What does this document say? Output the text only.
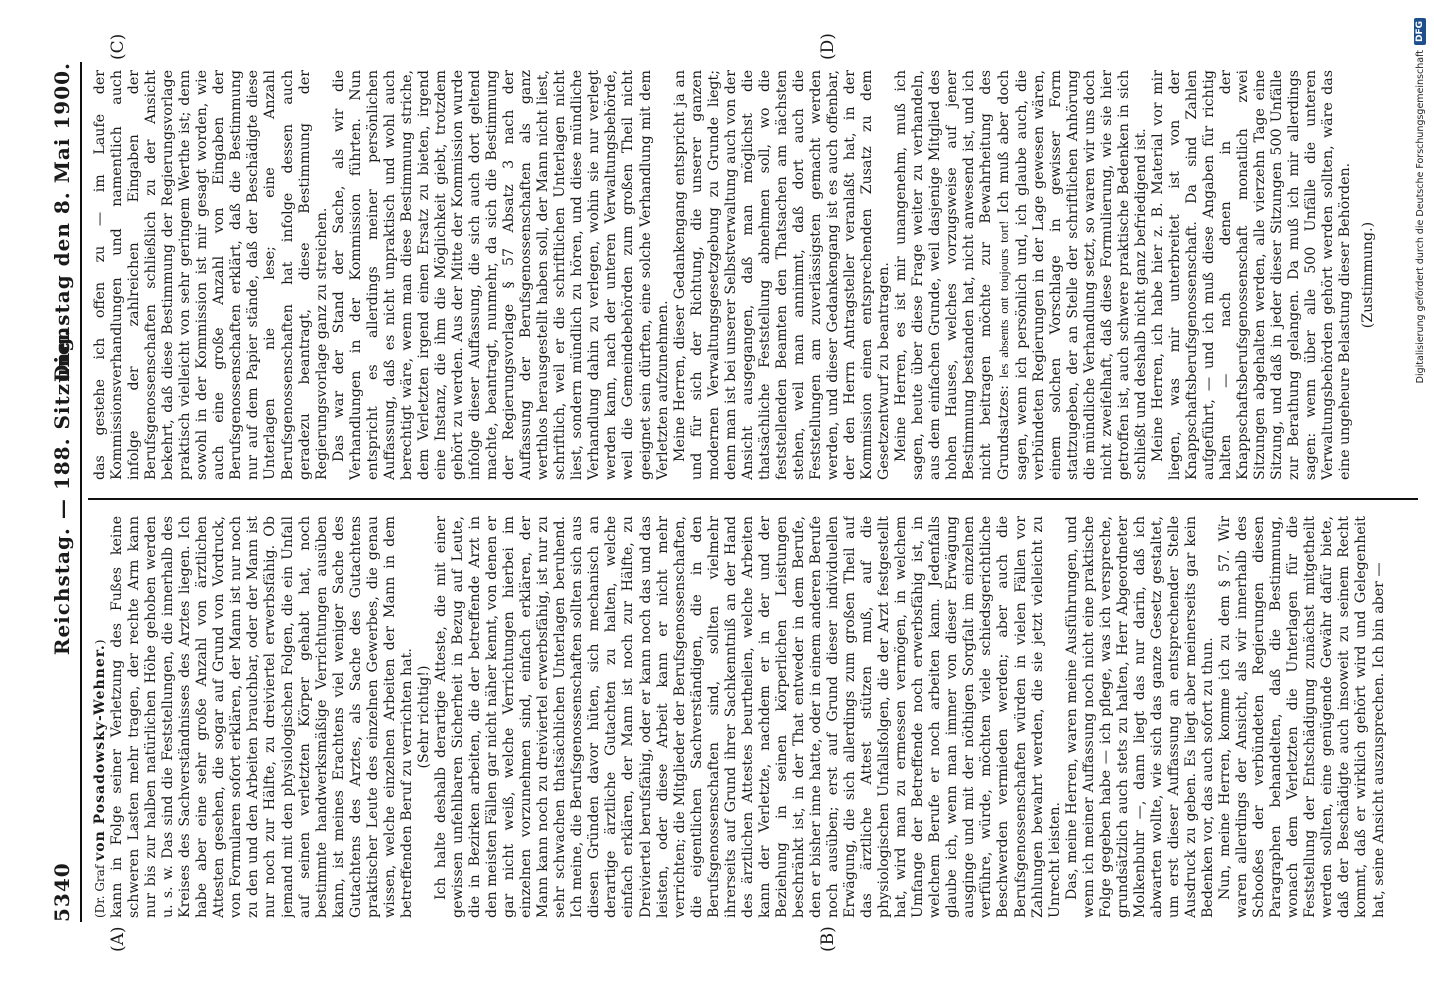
5340
Reichstag. — 188. Sitzung.
Dienstag den 8. Mai 1900.
(A)	(B)
(C)	(D)

(Dr. Graf von Posadowsky-Wehner.) kann in Folge seiner Verletzung des Fußes keine schweren Lasten mehr tragen, der rechte Arm kann nur bis zur halben natürlichen Höhe gehoben werden u. s. w. Das sind die Feststellungen, die innerhalb des Kreises des Sachverständnisses des Arztes liegen. Ich habe aber eine sehr große Anzahl von ärztlichen Attesten gesehen, die sogar auf Grund von Vordruck, von Formularen sofort erklären, der Mann ist nur noch zu den und den Arbeiten brauchbar, oder der Mann ist nur noch zur Hälfte, zu dreiviertel erwerbsfähig. Ob jemand mit den physiologischen Folgen, die ein Unfall auf seinen verletzten Körper gehabt hat, noch bestimmte handwerksmäßige Verrichtungen ausüben kann, ist meines Erachtens viel weniger Sache des Gutachtens des Arztes, als Sache des Gutachtens praktischer Leute des einzelnen Gewerbes, die genau wissen, welche einzelnen Arbeiten der Mann in dem betreffenden Beruf zu verrichten hat. (Sehr richtig!) Ich halte deshalb derartige Atteste, die mit einer gewissen unfehlbaren Sicherheit in Bezug auf Leute, die in Bezirken arbeiten, die der betreffende Arzt in den meisten Fällen gar nicht näher kennt, von denen er gar nicht weiß, welche Verrichtungen hierbei im einzelnen vorzunehmen sind, einfach erklären, der Mann kann noch zu dreiviertel erwerbsfähig, ist nur zu sehr schwachen thatsächlichen Unterlagen beruhend. Ich meine, die Berufsgenossenschaften sollten sich aus diesen Gründen davor hüten, sich mechanisch an derartige ärztliche Gutachten zu halten, welche einfach erklären, der Mann ist noch zur Hälfte, zu Dreiviertel berufsfähig, oder er kann noch das und das leisten, oder diese Arbeit kann er nicht mehr verrichten; die Mitglieder der Berufsgenossenschaften, die eigentlichen Sachverständigen, die in den Berufsgenossenschaften sind, sollten vielmehr ihrerseits auf Grund ihrer Sachkenntniß an der Hand des ärztlichen Attestes beurtheilen, welche Arbeiten kann der Verletzte, nachdem er in der und der Beziehung in seinen körperlichen Leistungen beschränkt ist, in der That entweder in dem Berufe, den er bisher inne hatte, oder in einem anderen Berufe noch ausüben; erst auf Grund dieser individuellen Erwägung, die sich allerdings zum großen Theil auf das ärztliche Attest stützen muß, auf die physiologischen Unfallsfolgen, die der Arzt festgestellt hat, wird man zu ermessen vermögen, in welchem Umfange der Betreffende noch erwerbsfähig ist, in welchem Berufe er noch arbeiten kann. Jedenfalls glaube ich, wenn man immer von dieser Erwägung ausginge und mit der nöthigen Sorgfalt im einzelnen verführe, würde, möchten viele schiedsgerichtliche Beschwerden vermieden werden; aber auch die Berufsgenossenschaften würden in vielen Fällen vor Zahlungen bewahrt werden, die sie jetzt vielleicht zu Unrecht leisten. Das, meine Herren, waren meine Ausführungen, und wenn ich meiner Auffassung noch nicht eine praktische Folge gegeben habe — ich pflege, was ich verspreche, grundsätzlich auch stets zu halten, Herr Abgeordneter Molkenbuhr —, dann liegt das nur darin, daß ich abwarten wollte, wie sich das ganze Gesetz gestaltet, um erst dieser Auffassung an entsprechender Stelle Ausdruck zu geben. Es liegt aber meinerseits gar kein Bedenken vor, das auch sofort zu thun. Nun, meine Herren, komme ich zu dem § 57. Wir waren allerdings der Ansicht, als wir innerhalb des Schooßes der verbündeten Regierungen diesen Paragraphen behandelten, daß die Bestimmung, wonach dem Verletzten die Unterlagen für die Feststellung der Entschädigung zunächst mitgetheilt werden sollten, eine genügende Gewähr dafür biete, daß der Beschädigte auch insoweit zu seinem Recht kommt, daß er wirklich gehört wird und Gelegenheit hat, seine Ansicht auszusprechen. Ich bin aber —

das gestehe ich offen zu — im Laufe der Kommissionsverhandlungen und namentlich auch infolge der zahlreichen Eingaben der Berufsgenossenschaften schließlich zu der Ansicht bekehrt, daß diese Bestimmung der Regierungsvorlage praktisch vielleicht von sehr geringem Werthe ist; denn sowohl in der Kommission ist mir gesagt worden, wie auch eine große Anzahl von Eingaben der Berufsgenossenschaften erklärt, daß die Bestimmung nur auf dem Papier stände, daß der Beschädigte diese Unterlagen nie lese; eine Anzahl Berufsgenossenschaften hat infolge dessen auch geradezu beantragt, diese Bestimmung der Regierungsvorlage ganz zu streichen. Das war der Stand der Sache, als wir die Verhandlungen in der Kommission führten. Nun entspricht es allerdings meiner persönlichen Auffassung, daß es nicht unpraktisch und wohl auch berechtigt wäre, wenn man diese Bestimmung striche, dem Verletzten irgend einen Ersatz zu bieten, irgend eine Instanz, die ihm die Möglichkeit giebt, trotzdem gehört zu werden. Aus der Mitte der Kommission wurde infolge dieser Auffassung, die sich auch dort geltend machte, beantragt, nunmehr, da sich die Bestimmung der Regierungsvorlage § 57 Absatz 3 nach der Auffassung der Berufsgenossenschaften als ganz werthlos herausgestellt haben soll, der Mann nicht liest, schriftlich, weil er die schriftlichen Unterlagen nicht liest, sondern mündlich zu hören, und diese mündliche Verhandlung dahin zu verlegen, wohin sie nur verlegt werden kann, nach der unteren Verwaltungsbehörde, weil die Gemeindebehörden zum großen Theil nicht geeignet sein dürften, eine solche Verhandlung mit dem Verletzten aufzunehmen. Meine Herren, dieser Gedankengang entspricht ja an und für sich der Richtung, die unserer ganzen modernen Verwaltungsgesetzgebung zu Grunde liegt; denn man ist bei unserer Selbstverwaltung auch von der Ansicht ausgegangen, daß man möglichst die thatsächliche Feststellung abnehmen soll, wo die feststellenden Beamten den Thatsachen am nächsten stehen, weil man annimmt, daß dort auch die Feststellungen am zuverlässigsten gemacht werden werden, und dieser Gedankengang ist es auch offenbar, der den Herrn Antragsteller veranlaßt hat, in der Kommission einen entsprechenden Zusatz zu dem Gesetzentwurf zu beantragen. Meine Herren, es ist mir unangenehm, muß ich sagen, heute über diese Frage weiter zu verhandeln, aus dem einfachen Grunde, weil dasjenige Mitglied des hohen Hauses, welches vorzugsweise auf jener Bestimmung bestanden hat, nicht anwesend ist, und ich nicht beitragen möchte zur Bewahrheitung des Grundsatzes: les absents ont toujours tort! Ich muß aber doch sagen, wenn ich persönlich und, ich glaube auch, die verbündeten Regierungen in der Lage gewesen wären, einem solchen Vorschlage in gewisser Form stattzugeben, der an Stelle der schriftlichen Anhörung die mündliche Verhandlung setzt, so waren wir uns doch nicht zweifelhaft, daß diese Formulierung, wie sie hier getroffen ist, auch schwere praktische Bedenken in sich schließt und deshalb nicht ganz befriedigend ist. Meine Herren, ich habe hier z. B. Material vor mir liegen, was mir unterbreitet ist von der Knappschaftsberufsgenossenschaft. Da sind Zahlen aufgeführt, — und ich muß diese Angaben für richtig halten — nach denen in der Knappschaftsberufsgenossenschaft monatlich zwei Sitzungen abgehalten werden, alle vierzehn Tage eine Sitzung, und daß in jeder dieser Sitzungen 500 Unfälle zur Berathung gelangen. Da muß ich mir allerdings sagen: wenn über alle 500 Unfälle die unteren Verwaltungsbehörden gehört werden sollten, wäre das eine ungeheure Belastung dieser Behörden. (Zustimmung.)	Digitalisierung gefördert durch die Deutsche Forschungsgemeinschaft
DFG
